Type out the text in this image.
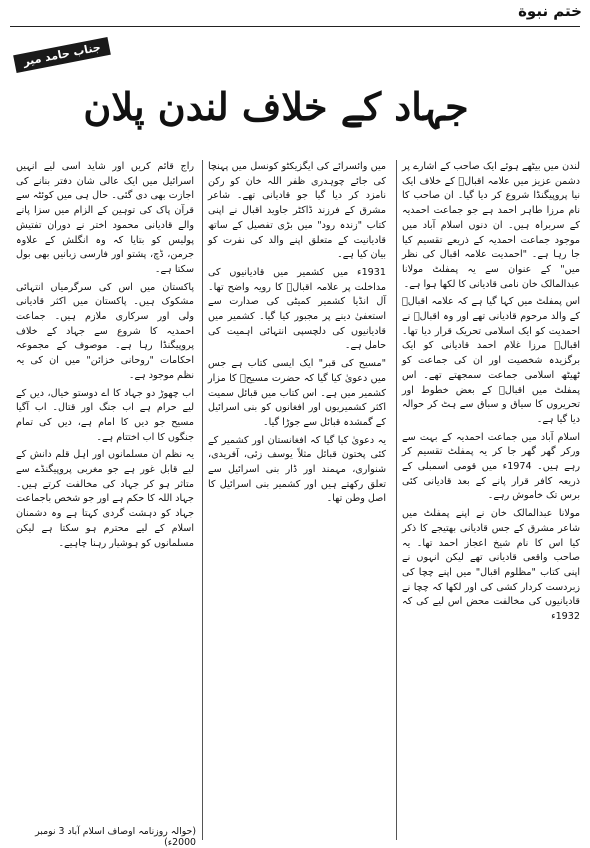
ختم نبوة
جناب حامد میر صاحب
جہاد کے خلاف لندن پلان

لندن میں بیٹھے ہوئے ایک صاحب کے اشارے پر دشمن عزیز میں علامہ اقبالؒ کے خلاف ایک نیا پروپیگنڈا شروع کر دیا گیا۔ ان صاحب کا نام مرزا طاہر احمد ہے جو جماعت احمدیہ کے سربراہ ہیں۔ ان دنوں اسلام آباد میں موجود جماعت احمدیہ کے ذریعے تقسیم کیا جا رہا ہے۔ "احمدیت علامہ اقبال کی نظر میں" کے عنوان سے یہ پمفلٹ مولانا عبدالمالک خان نامی قادیانی کا لکھا ہوا ہے۔

اس پمفلٹ میں کہا گیا ہے کہ علامہ اقبالؒ کے والد مرحوم قادیانی تھے اور وہ اقبالؒ نے احمدیت کو ایک اسلامی تحریک قرار دیا تھا۔ اقبالؒ مرزا غلام احمد قادیانی کو ایک برگزیدہ شخصیت اور ان کی جماعت کو ٹھیٹھ اسلامی جماعت سمجھتے تھے۔ اس پمفلٹ میں اقبالؒ کے بعض خطوط اور تحریروں کا سیاق و سباق سے ہٹ کر حوالہ دیا گیا ہے۔

اسلام آباد میں جماعت احمدیہ کے بہت سے ورکر گھر گھر جا کر یہ پمفلٹ تقسیم کر رہے ہیں۔ 1974ء میں قومی اسمبلی کے ذریعہ کافر قرار پانے کے بعد قادیانی کئی برس تک خاموش رہے۔

مولانا عبدالمالک خان نے اپنے پمفلٹ میں شاعر مشرق کے جس قادیانی بھتیجے کا ذکر کیا اس کا نام شیخ اعجاز احمد تھا۔ یہ صاحب واقعی قادیانی تھے لیکن انہوں نے اپنی کتاب "مظلوم اقبال" میں اپنے چچا کی زبردست کردار کشی کی اور لکھا کہ چچا نے قادیانیوں کی مخالفت محض اس لیے کی کہ 1932ء

میں وائسرائے کی ایگزیکٹو کونسل میں پہنچا کی جائے چوہدری ظفر اللہ خان کو رکن نامزد کر دیا گیا جو قادیانی تھے۔ شاعر مشرق کے فرزند ڈاکٹر جاوید اقبال نے اپنی کتاب "زندہ رود" میں بڑی تفصیل کے ساتھ قادیانیت کے متعلق اپنے والد کی نفرت کو بیان کیا ہے۔

1931ء میں کشمیر میں قادیانیوں کی مداخلت پر علامہ اقبالؒ کا رویہ واضح تھا۔ آل انڈیا کشمیر کمیٹی کی صدارت سے استعفیٰ دینے پر مجبور کیا گیا۔ کشمیر میں قادیانیوں کی دلچسپی انتہائی اہمیت کی حامل ہے۔

"مسیح کی قبر" ایک ایسی کتاب ہے جس میں دعویٰ کیا گیا کہ حضرت مسیحؑ کا مزار کشمیر میں ہے۔ اس کتاب میں قبائل سمیت اکثر کشمیریوں اور افغانوں کو بنی اسرائیل کے گمشدہ قبائل سے جوڑا گیا۔

یہ دعویٰ کیا گیا کہ افغانستان اور کشمیر کے کئی پختون قبائل مثلاً یوسف زئی، آفریدی، شنواری، مہمند اور ڈار بنی اسرائیل سے تعلق رکھتے ہیں اور کشمیر بنی اسرائیل کا اصل وطن تھا۔

راج قائم کریں اور شاید اسی لیے انہیں اسرائیل میں ایک عالی شان دفتر بنانے کی اجازت بھی دی گئی۔ حال ہی میں کوئٹہ سے قرآن پاک کی توہین کے الزام میں سزا پانے والے قادیانی محمود اختر نے دوران تفتیش پولیس کو بتایا کہ وہ انگلش کے علاوہ جرمن، ڈچ، پشتو اور فارسی زبانیں بھی بول سکتا ہے۔

پاکستان میں اس کی سرگرمیاں انتہائی مشکوک ہیں۔ پاکستان میں اکثر قادیانی ولی اور سرکاری ملازم ہیں۔ جماعت احمدیہ کا شروع سے جہاد کے خلاف پروپیگنڈا رہا ہے۔ موصوف کے مجموعہ احکامات "روحانی خزائن" میں ان کی یہ نظم موجود ہے۔

اب چھوڑ دو جہاد کا اے دوستو خیال، دیں کے لیے حرام ہے اب جنگ اور قتال۔ اب آگیا مسیح جو دیں کا امام ہے، دیں کی تمام جنگوں کا اب اختتام ہے۔

یہ نظم ان مسلمانوں اور اہل قلم دانش کے لیے قابل غور ہے جو مغربی پروپیگنڈے سے متاثر ہو کر جہاد کی مخالفت کرتے ہیں۔ جہاد اللہ کا حکم ہے اور جو شخص باجماعت جہاد کو دہشت گردی کہتا ہے وہ دشمنان اسلام کے لیے محترم ہو سکتا ہے لیکن مسلمانوں کو ہوشیار رہنا چاہیے۔

(حوالہ روزنامہ اوصاف اسلام آباد 3 نومبر 2000ء)
